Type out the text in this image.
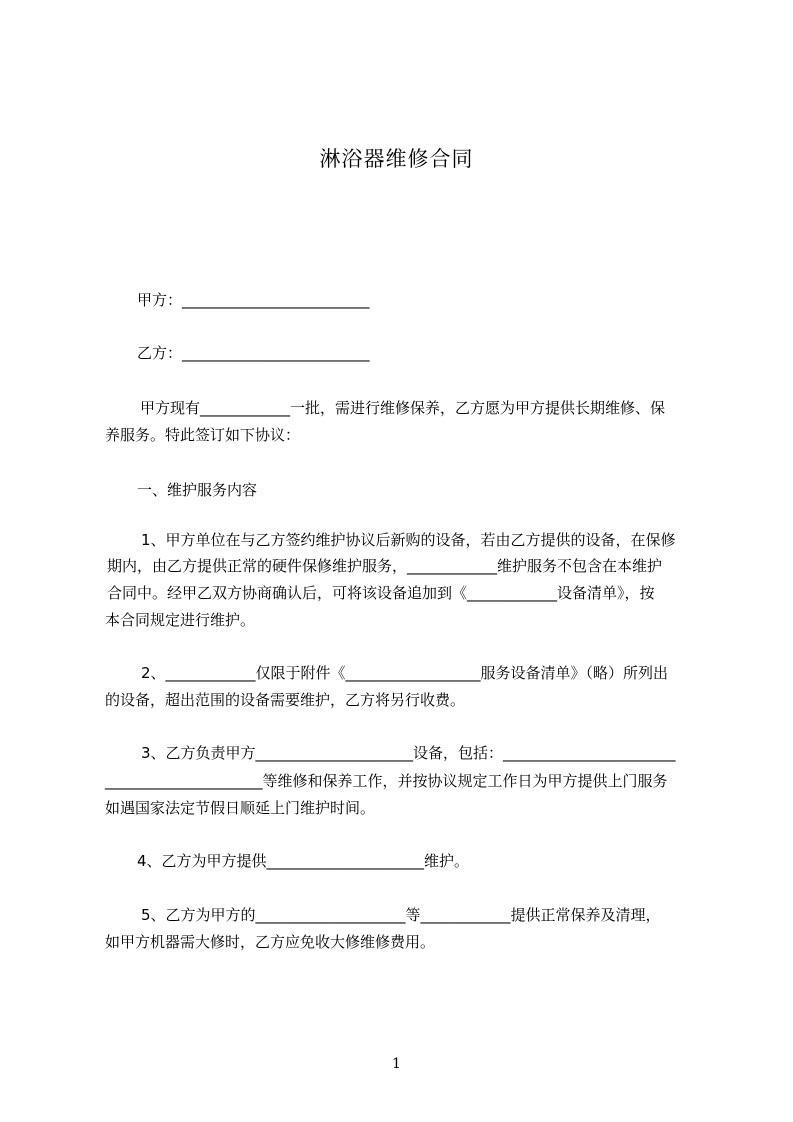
淋浴器维修合同
甲方：_________________________
乙方：_________________________
甲方现有____________一批，需进行维修保养，乙方愿为甲方提供长期维修、保
养服务。特此签订如下协议：
一、维护服务内容
1、甲方单位在与乙方签约维护协议后新购的设备，若由乙方提供的设备，在保修
期内，由乙方提供正常的硬件保修维护服务，____________维护服务不包含在本维护
合同中。经甲乙双方协商确认后，可将该设备追加到《____________设备清单》，按
本合同规定进行维护。
2、____________仅限于附件《__________________服务设备清单》（略）所列出
的设备，超出范围的设备需要维护，乙方将另行收费。
3、乙方负责甲方_____________________设备，包括：_______________________
_____________________等维修和保养工作，并按协议规定工作日为甲方提供上门服务
如遇国家法定节假日顺延上门维护时间。
4、乙方为甲方提供_____________________维护。
5、乙方为甲方的____________________等____________提供正常保养及清理，
如甲方机器需大修时，乙方应免收大修维修费用。
1
